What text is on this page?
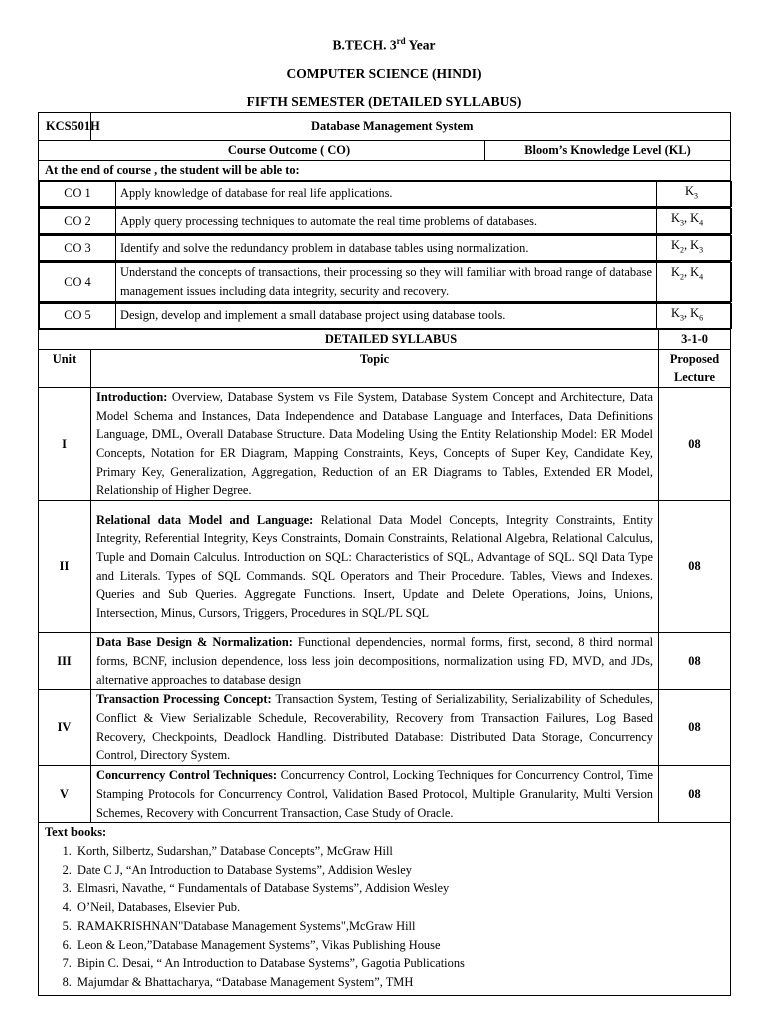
B.TECH. 3rd Year
COMPUTER SCIENCE (HINDI)
FIFTH SEMESTER (DETAILED SYLLABUS)
KCS501H	Database Management System
Course Outcome ( CO)	Bloom’s Knowledge Level (KL)
At the end of course , the student will be able to:

CO 1	Apply knowledge of database for real life applications.	$K_3$

CO 2	Apply query processing techniques to automate the real time problems of databases.	$K_3$, $K_4$

CO 3	Identify and solve the redundancy problem in database tables using normalization.	$K_2$, $K_3$

CO 4	Understand the concepts of transactions, their processing so they will familiar with broad range of database management issues including data integrity, security and recovery.	$K_2$, $K_4$

CO 5	Design, develop and implement a small database project using database tools.	$K_3$, $K_6$

DETAILED SYLLABUS	3-1-0
Unit	Topic	Proposed
Lecture
I	Introduction: Overview, Database System vs File System, Database System Concept and Architecture, Data Model Schema and Instances, Data Independence and Database Language and Interfaces, Data Definitions Language, DML, Overall Database Structure. Data Modeling Using the Entity Relationship Model: ER Model Concepts, Notation for ER Diagram, Mapping Constraints, Keys, Concepts of Super Key, Candidate Key, Primary Key, Generalization, Aggregation, Reduction of an ER Diagrams to Tables, Extended ER Model, Relationship of Higher Degree.	08
II	Relational data Model and Language: Relational Data Model Concepts, Integrity Constraints, Entity Integrity, Referential Integrity, Keys Constraints, Domain Constraints, Relational Algebra, Relational Calculus, Tuple and Domain Calculus. Introduction on SQL: Characteristics of SQL, Advantage of SQL. SQl Data Type and Literals. Types of SQL Commands. SQL Operators and Their Procedure. Tables, Views and Indexes. Queries and Sub Queries. Aggregate Functions. Insert, Update and Delete Operations, Joins, Unions, Intersection, Minus, Cursors, Triggers, Procedures in SQL/PL SQL	08
III	Data Base Design & Normalization: Functional dependencies, normal forms, first, second, 8 third normal forms, BCNF, inclusion dependence, loss less join decompositions, normalization using FD, MVD, and JDs, alternative approaches to database design	08
IV	Transaction Processing Concept: Transaction System, Testing of Serializability, Serializability of Schedules, Conflict & View Serializable Schedule, Recoverability, Recovery from Transaction Failures, Log Based Recovery, Checkpoints, Deadlock Handling. Distributed Database: Distributed Data Storage, Concurrency Control, Directory System.	08
V	Concurrency Control Techniques: Concurrency Control, Locking Techniques for Concurrency Control, Time Stamping Protocols for Concurrency Control, Validation Based Protocol, Multiple Granularity, Multi Version Schemes, Recovery with Concurrent Transaction, Case Study of Oracle.	08

Text books:
1. Korth, Silbertz, Sudarshan,” Database Concepts”, McGraw Hill
2. Date C J, “An Introduction to Database Systems”, Addision Wesley
3. Elmasri, Navathe, “ Fundamentals of Database Systems”, Addision Wesley
4. O’Neil, Databases, Elsevier Pub.
5. RAMAKRISHNAN"Database Management Systems",McGraw Hill
6. Leon & Leon,”Database Management Systems”, Vikas Publishing House
7. Bipin C. Desai, “ An Introduction to Database Systems”, Gagotia Publications
8. Majumdar & Bhattacharya, “Database Management System”, TMH
